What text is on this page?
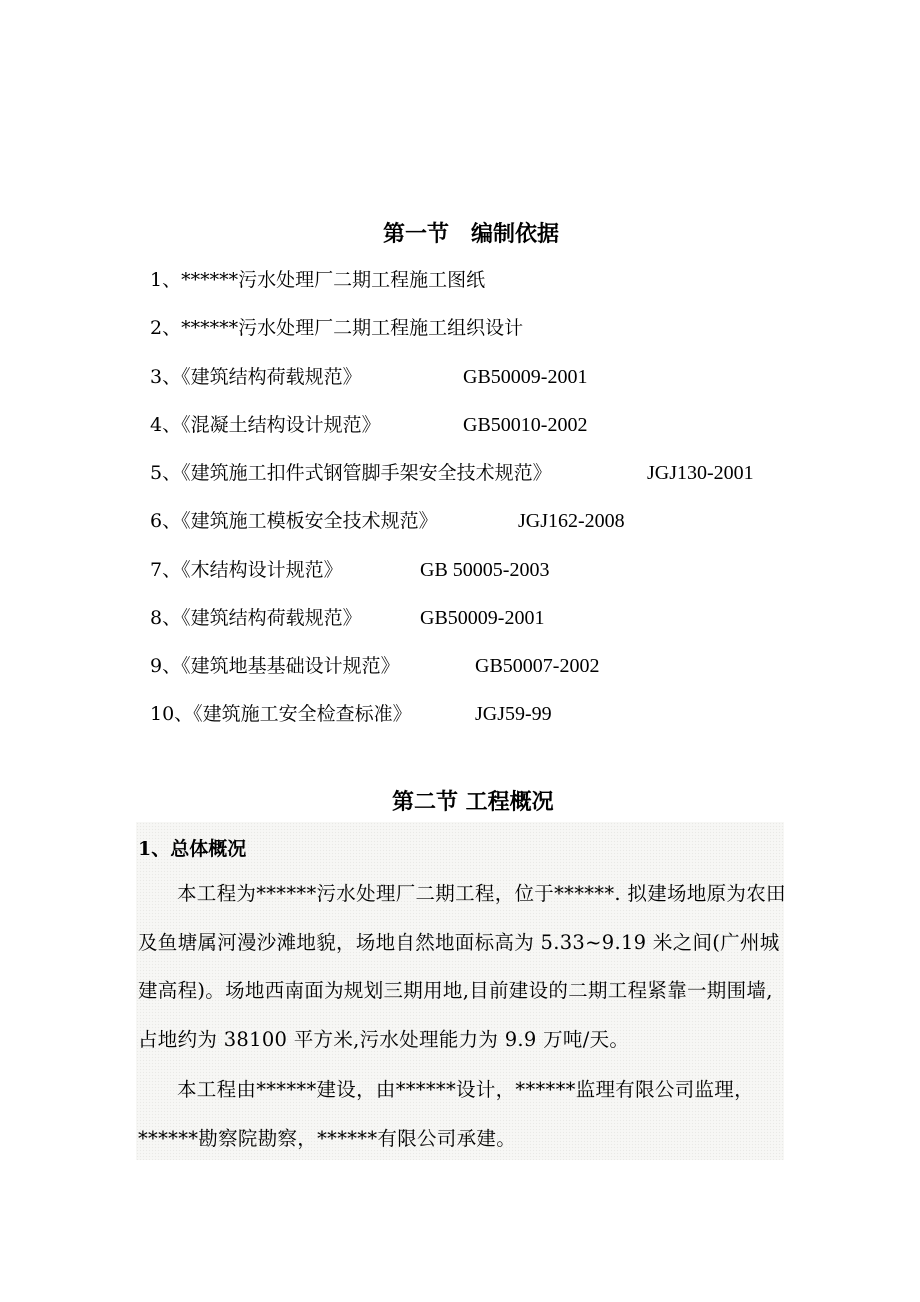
第一节　编制依据
1、******污水处理厂二期工程施工图纸
2、******污水处理厂二期工程施工组织设计
3、《建筑结构荷载规范》	GB50009-2001
4、《混凝土结构设计规范》	GB50010-2002
5、《建筑施工扣件式钢管脚手架安全技术规范》	JGJ130-2001
6、《建筑施工模板安全技术规范》	JGJ162-2008
7、《木结构设计规范》	GB 50005-2003
8、《建筑结构荷载规范》	GB50009-2001
9、《建筑地基基础设计规范》	GB50007-2002
10、《建筑施工安全检查标准》	JGJ59-99
第二节 工程概况
1、总体概况

本工程为******污水处理厂二期工程，位于******. 拟建场地原为农田及鱼塘属河漫沙滩地貌，场地自然地面标高为 5.33~9.19 米之间(广州城建高程)。场地西南面为规划三期用地,目前建设的二期工程紧靠一期围墙,占地约为 38100 平方米,污水处理能力为 9.9 万吨/天。

本工程由******建设，由******设计，******监理有限公司监理，******勘察院勘察，******有限公司承建。
